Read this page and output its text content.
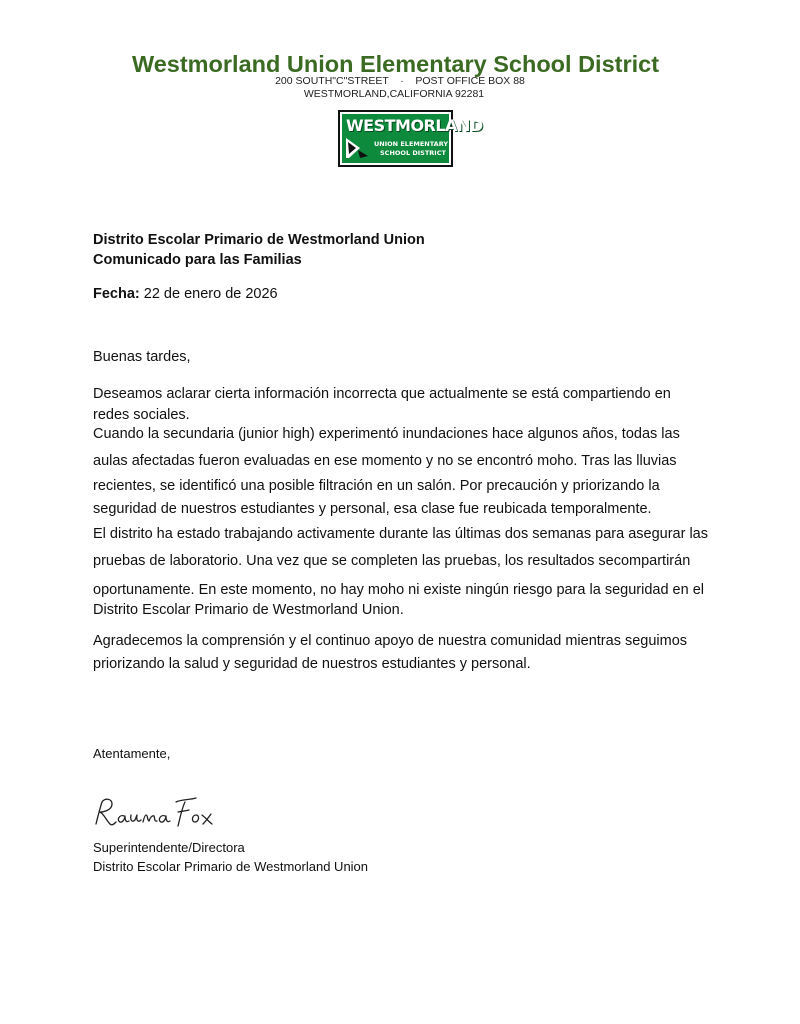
Westmorland Union Elementary School District
200 SOUTH"C"STREET    ·    POST OFFICE BOX 88
WESTMORLAND,CALIFORNIA 92281
WESTMORLAND
UNION ELEMENTARY
SCHOOL DISTRICT
Distrito Escolar Primario de Westmorland Union
Comunicado para las Familias
Fecha: 22 de enero de 2026
Buenas tardes,
Deseamos aclarar cierta información incorrecta que actualmente se está compartiendo en
redes sociales.
Cuando la secundaria (junior high) experimentó inundaciones hace algunos años, todas las
aulas afectadas fueron evaluadas en ese momento y no se encontró moho. Tras las lluvias
recientes, se identificó una posible filtración en un salón. Por precaución y priorizando la
seguridad de nuestros estudiantes y personal, esa clase fue reubicada temporalmente.
El distrito ha estado trabajando activamente durante las últimas dos semanas para asegurar las
pruebas de laboratorio. Una vez que se completen las pruebas, los resultados secompartirán
oportunamente. En este momento, no hay moho ni existe ningún riesgo para la seguridad en el
Distrito Escolar Primario de Westmorland Union.
Agradecemos la comprensión y el continuo apoyo de nuestra comunidad mientras seguimos
priorizando la salud y seguridad de nuestros estudiantes y personal.
Atentamente,
Superintendente/Directora
Distrito Escolar Primario de Westmorland Union
